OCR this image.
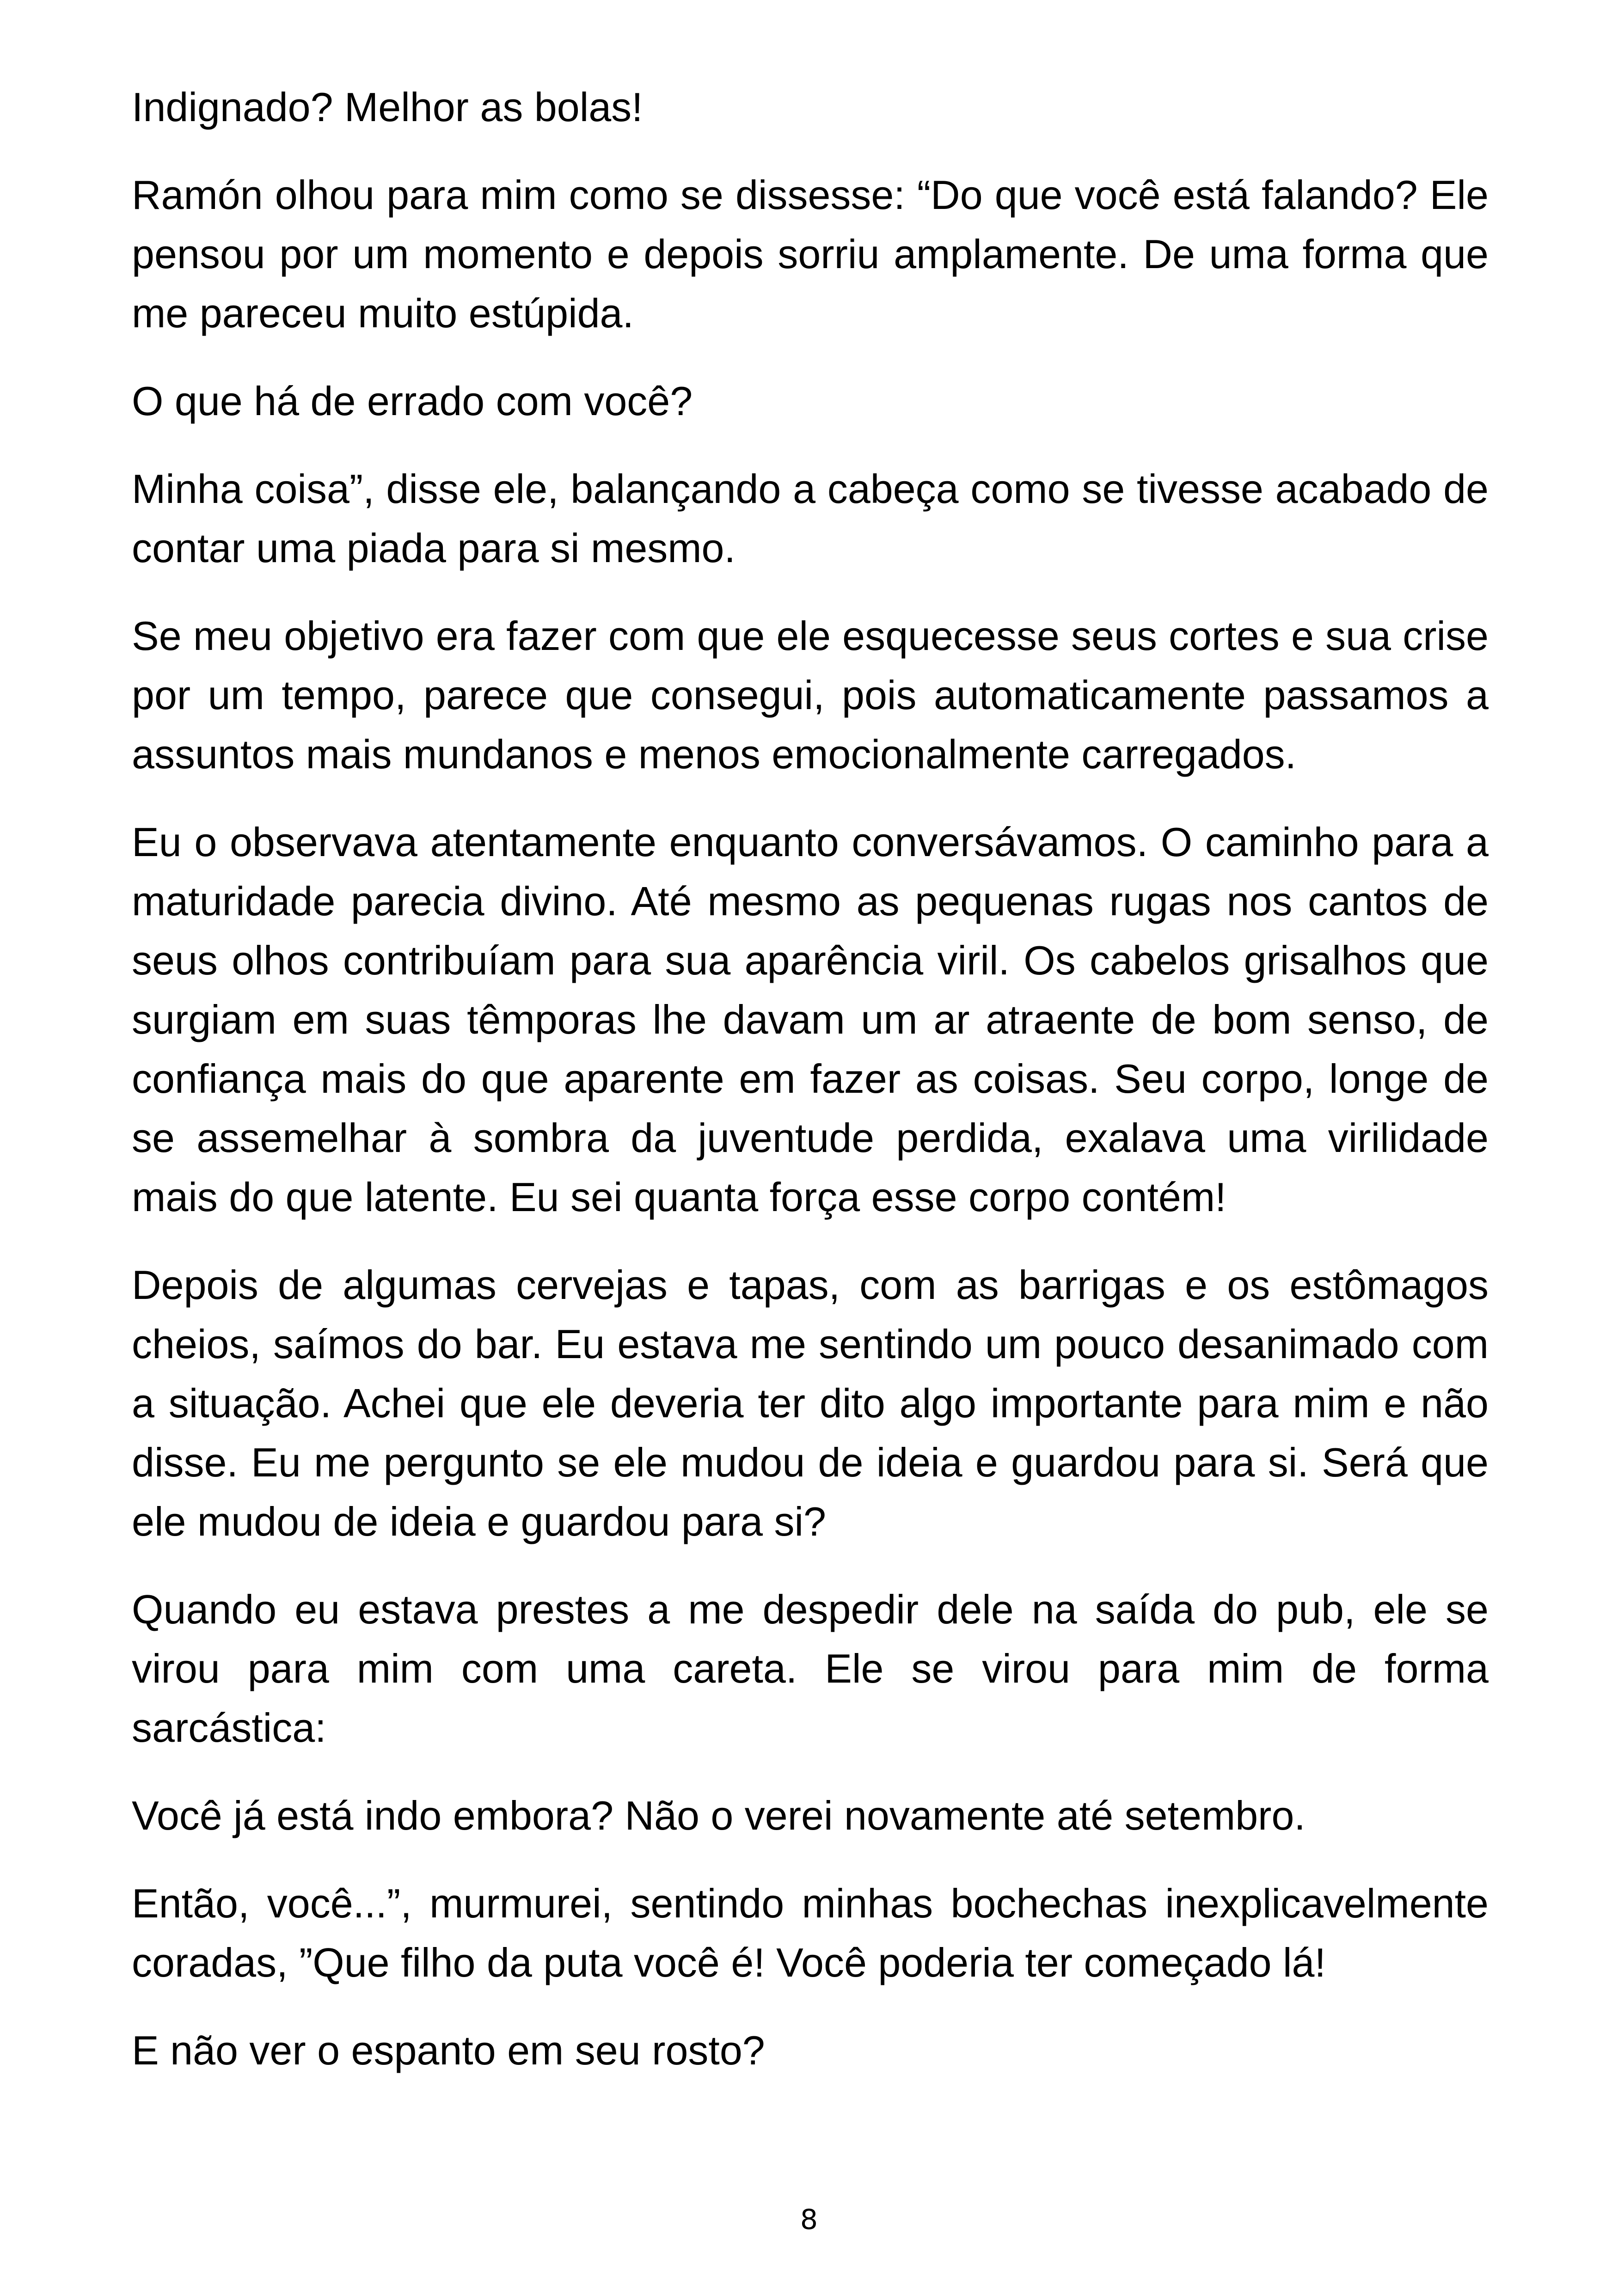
Indignado? Melhor as bolas!

Ramón olhou para mim como se dissesse: “Do que você está falando? Ele pensou por um momento e depois sorriu amplamente. De uma forma que me pareceu muito estúpida.

O que há de errado com você?

Minha coisa”, disse ele, balançando a cabeça como se tivesse acabado de contar uma piada para si mesmo.

Se meu objetivo era fazer com que ele esquecesse seus cortes e sua crise por um tempo, parece que consegui, pois automaticamente passamos a assuntos mais mundanos e menos emocionalmente carregados.

Eu o observava atentamente enquanto conversávamos. O caminho para a maturidade parecia divino. Até mesmo as pequenas rugas nos cantos de seus olhos contribuíam para sua aparência viril. Os cabelos grisalhos que surgiam em suas têmporas lhe davam um ar atraente de bom senso, de confiança mais do que aparente em fazer as coisas. Seu corpo, longe de se assemelhar à sombra da juventude perdida, exalava uma virilidade mais do que latente. Eu sei quanta força esse corpo contém!

Depois de algumas cervejas e tapas, com as barrigas e os estômagos cheios, saímos do bar. Eu estava me sentindo um pouco desanimado com a situação. Achei que ele deveria ter dito algo importante para mim e não disse. Eu me pergunto se ele mudou de ideia e guardou para si. Será que ele mudou de ideia e guardou para si?

Quando eu estava prestes a me despedir dele na saída do pub, ele se virou para mim com uma careta. Ele se virou para mim de forma sarcástica:

Você já está indo embora? Não o verei novamente até setembro.

Então, você...”, murmurei, sentindo minhas bochechas inexplicavelmente coradas, ”Que filho da puta você é! Você poderia ter começado lá!

E não ver o espanto em seu rosto?

8
